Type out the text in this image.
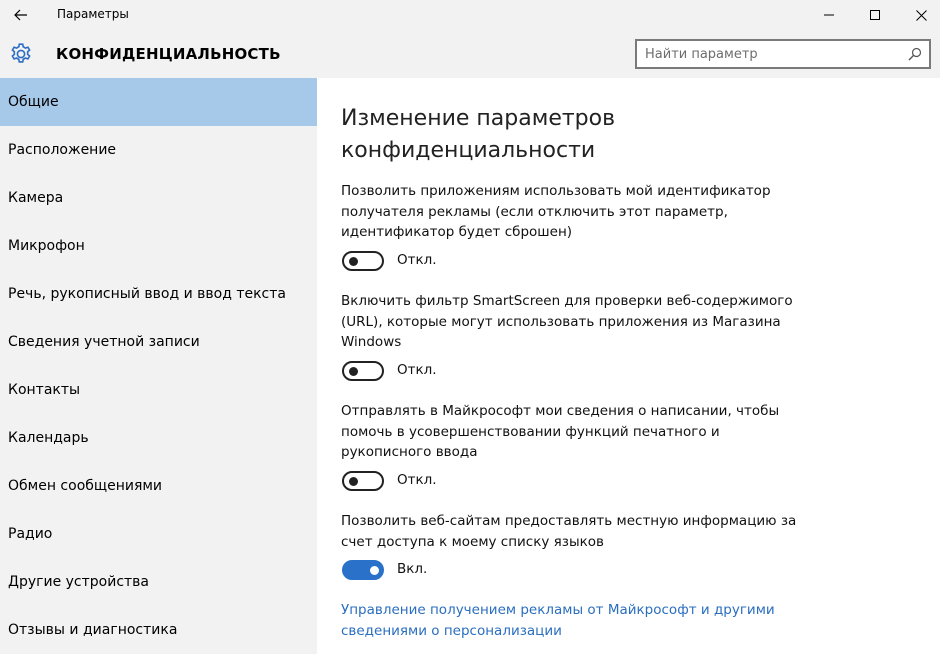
Параметры
КОНФИДЕНЦИАЛЬНОСТЬ
Найти параметр
Общие
Расположение
Камера
Микрофон
Речь, рукописный ввод и ввод текста
Сведения учетной записи
Контакты
Календарь
Обмен сообщениями
Радио
Другие устройства
Отзывы и диагностика
Изменение параметров
конфиденциальности
Позволить приложениям использовать мой идентификатор
получателя рекламы (если отключить этот параметр,
идентификатор будет сброшен)
Откл.
Включить фильтр SmartScreen для проверки веб-содержимого
(URL), которые могут использовать приложения из Магазина
Windows
Откл.
Отправлять в Майкрософт мои сведения о написании, чтобы
помочь в усовершенствовании функций печатного и
рукописного ввода
Откл.
Позволить веб-сайтам предоставлять местную информацию за
счет доступа к моему списку языков
Вкл.
Управление получением рекламы от Майкрософт и другими
сведениями о персонализации
